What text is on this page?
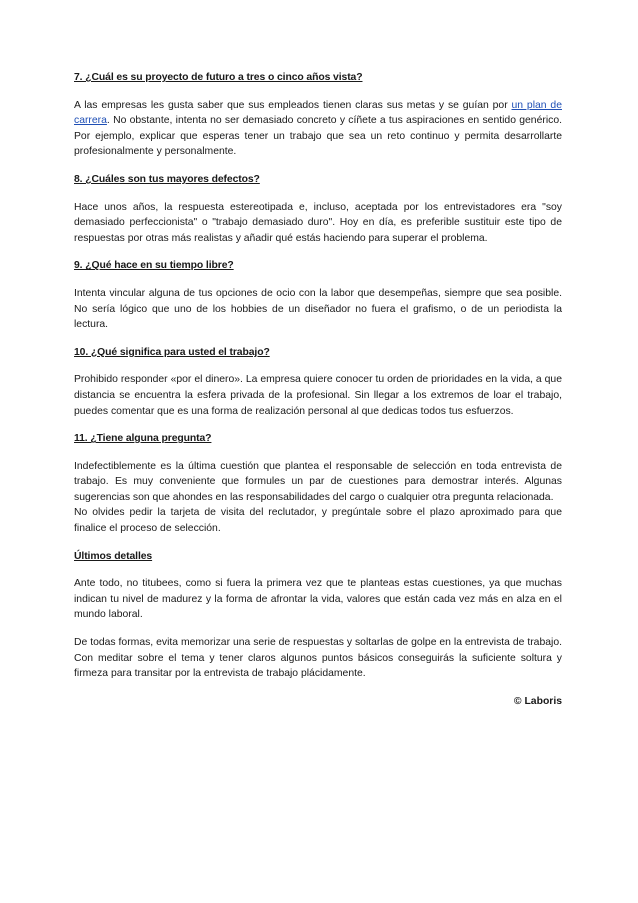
7. ¿Cuál es su proyecto de futuro a tres o cinco años vista?

A las empresas les gusta saber que sus empleados tienen claras sus metas y se guían por un plan de carrera. No obstante, intenta no ser demasiado concreto y cíñete a tus aspiraciones en sentido genérico. Por ejemplo, explicar que esperas tener un trabajo que sea un reto continuo y permita desarrollarte profesionalmente y personalmente.

8. ¿Cuáles son tus mayores defectos?

Hace unos años, la respuesta estereotipada e, incluso, aceptada por los entrevistadores era "soy demasiado perfeccionista" o "trabajo demasiado duro". Hoy en día, es preferible sustituir este tipo de respuestas por otras más realistas y añadir qué estás haciendo para superar el problema.

9. ¿Qué hace en su tiempo libre?

Intenta vincular alguna de tus opciones de ocio con la labor que desempeñas, siempre que sea posible. No sería lógico que uno de los hobbies de un diseñador no fuera el grafismo, o de un periodista la lectura.

10. ¿Qué significa para usted el trabajo?

Prohibido responder «por el dinero». La empresa quiere conocer tu orden de prioridades en la vida, a que distancia se encuentra la esfera privada de la profesional. Sin llegar a los extremos de loar el trabajo, puedes comentar que es una forma de realización personal al que dedicas todos tus esfuerzos.

11. ¿Tiene alguna pregunta?

Indefectiblemente es la última cuestión que plantea el responsable de selección en toda entrevista de trabajo. Es muy conveniente que formules un par de cuestiones para demostrar interés. Algunas sugerencias son que ahondes en las responsabilidades del cargo o cualquier otra pregunta relacionada.

No olvides pedir la tarjeta de visita del reclutador, y pregúntale sobre el plazo aproximado para que finalice el proceso de selección.

Últimos detalles

Ante todo, no titubees, como si fuera la primera vez que te planteas estas cuestiones, ya que muchas indican tu nivel de madurez y la forma de afrontar la vida, valores que están cada vez más en alza en el mundo laboral.

De todas formas, evita memorizar una serie de respuestas y soltarlas de golpe en la entrevista de trabajo. Con meditar sobre el tema y tener claros algunos puntos básicos conseguirás la suficiente soltura y firmeza para transitar por la entrevista de trabajo plácidamente.

© Laboris
